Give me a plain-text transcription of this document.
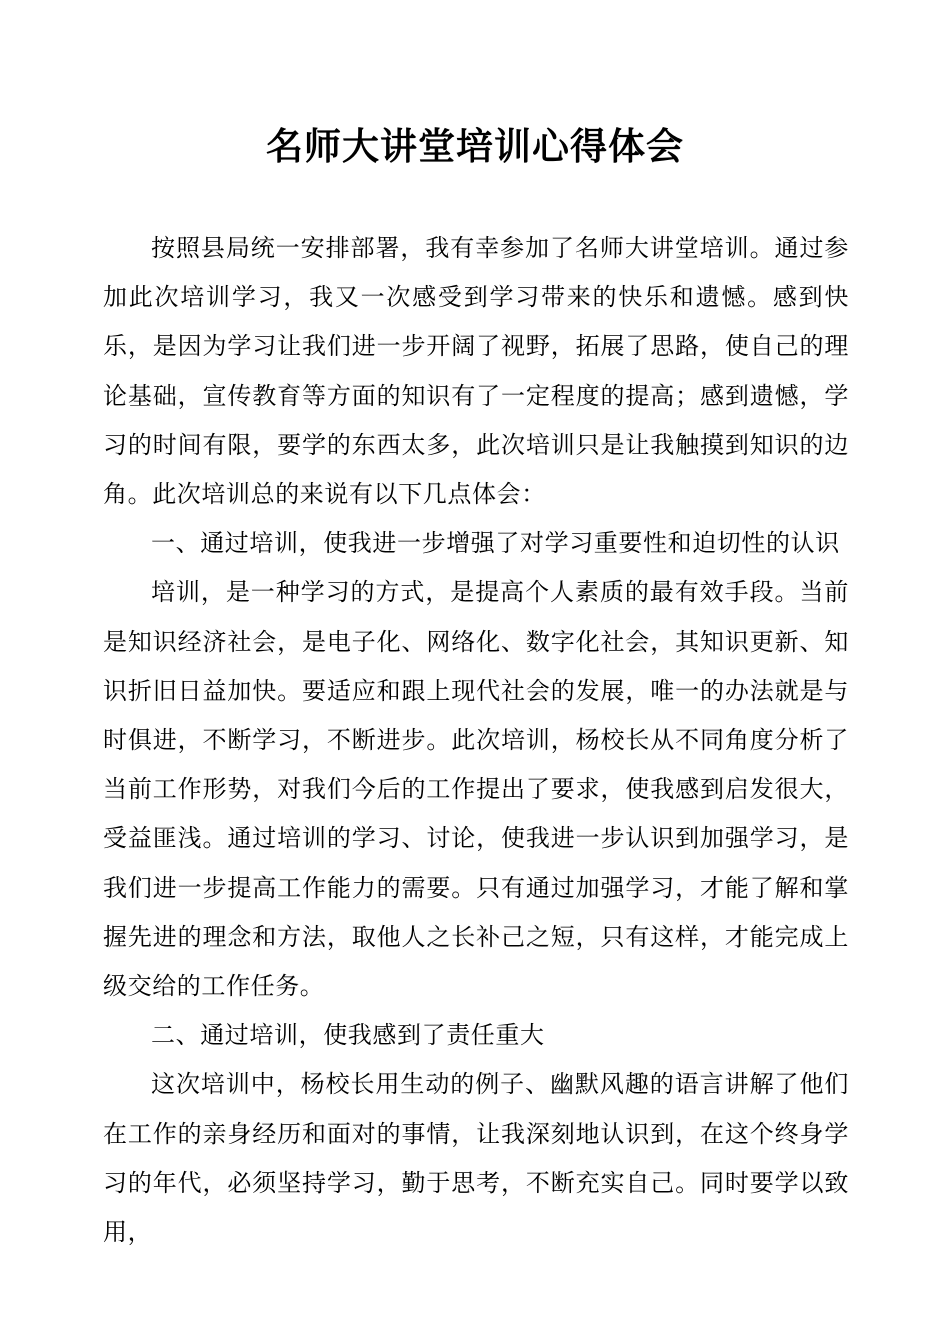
名师大讲堂培训心得体会

按照县局统一安排部署，我有幸参加了名师大讲堂培训。通过参加此次培训学习，我又一次感受到学习带来的快乐和遗憾。感到快乐，是因为学习让我们进一步开阔了视野，拓展了思路，使自己的理论基础，宣传教育等方面的知识有了一定程度的提高；感到遗憾，学习的时间有限，要学的东西太多，此次培训只是让我触摸到知识的边角。此次培训总的来说有以下几点体会：

一、通过培训，使我进一步增强了对学习重要性和迫切性的认识

培训，是一种学习的方式，是提高个人素质的最有效手段。当前是知识经济社会，是电子化、网络化、数字化社会，其知识更新、知识折旧日益加快。要适应和跟上现代社会的发展，唯一的办法就是与时俱进，不断学习，不断进步。此次培训，杨校长从不同角度分析了当前工作形势，对我们今后的工作提出了要求，使我感到启发很大，受益匪浅。通过培训的学习、讨论，使我进一步认识到加强学习，是我们进一步提高工作能力的需要。只有通过加强学习，才能了解和掌握先进的理念和方法，取他人之长补己之短，只有这样，才能完成上级交给的工作任务。

二、通过培训，使我感到了责任重大

这次培训中，杨校长用生动的例子、幽默风趣的语言讲解了他们在工作的亲身经历和面对的事情，让我深刻地认识到，在这个终身学习的年代，必须坚持学习，勤于思考，不断充实自己。同时要学以致用，
